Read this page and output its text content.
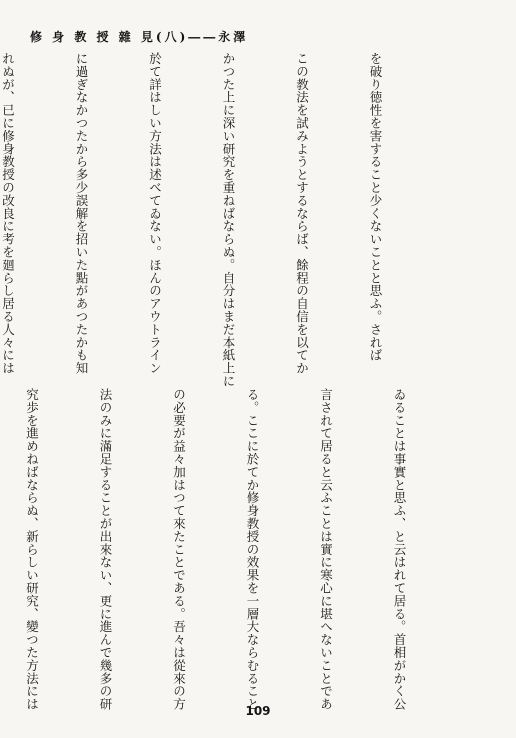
修 身 教 授 雜 見(八)――永澤

を破り徳性を害すること少くないことと思ふ。されば

この教法を試みようとするならば、餘程の自信を以てか

かつた上に深い研究を重ねばならぬ。自分はまだ本紙上に

於て詳はしい方法は述べてゐない。ほんのアウトライン

に過ぎなかつたから多少誤解を招いた點があつたかも知

れぬが、已に修身教授の改良に考を廻らし居る人々には

ゐることは事實と思ふ、と云はれて居る。首相がかく公

言されて居ると云ふことは實に寒心に堪へないことであ

る。ここに於てか修身教授の效果を一層大ならむること

の必要が益々加はつて來たことである。吾々は從來の方

法のみに滿足することが出來ない、更に進んで幾多の研

究歩を進めねばならぬ、新らしい研究、變つた方法には

109
